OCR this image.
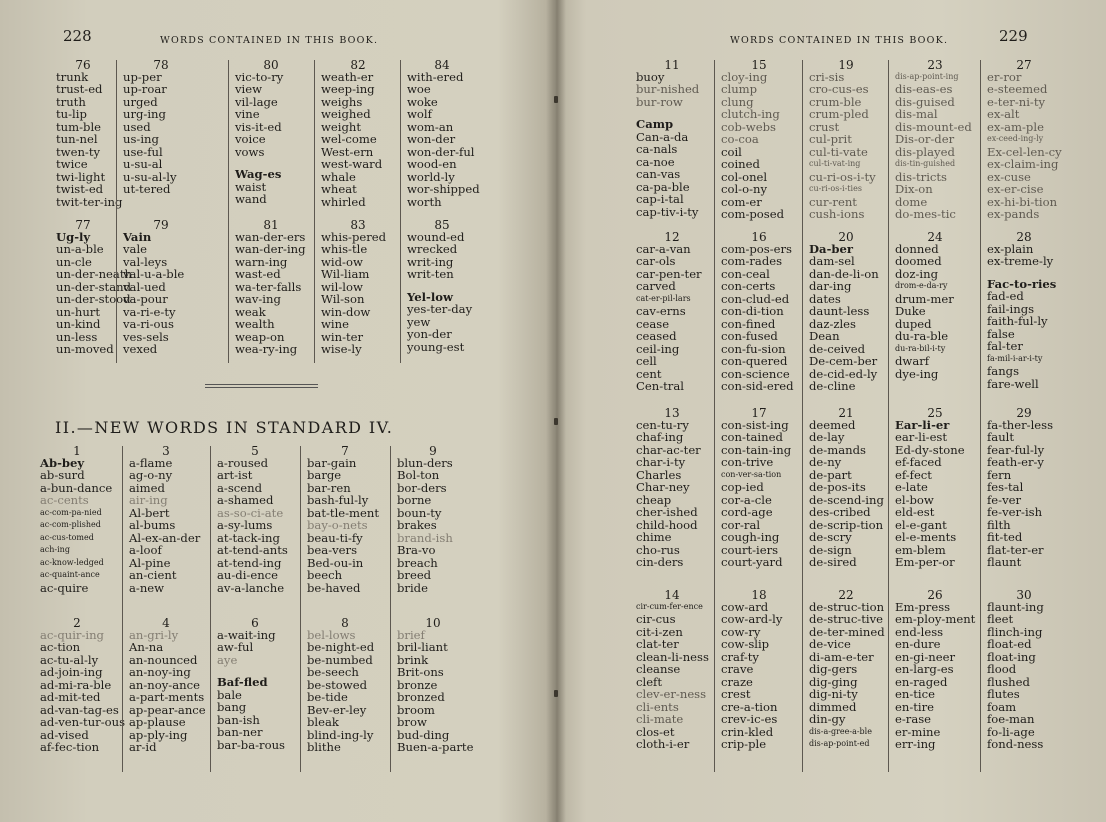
228	WORDS CONTAINED IN THIS BOOK.
76
trunk
trust-ed
truth
tu-lip
tum-ble
tun-nel
twen-ty
twice
twi-light
twist-ed
twit-ter-ing
77
Ug-ly
un-a-ble
un-cle
un-der-neath
un-der-stand
un-der-stood
un-hurt
un-kind
un-less
un-moved
78
up-per
up-roar
urged
urg-ing
used
us-ing
use-ful
u-su-al
u-su-al-ly
ut-tered
79
Vain
vale
val-leys
val-u-a-ble
val-ued
va-pour
va-ri-e-ty
va-ri-ous
ves-sels
vexed
80
vic-to-ry
view
vil-lage
vine
vis-it-ed
voice
vows
Wag-es
waist
wand
81
wan-der-ers
wan-der-ing
warn-ing
wast-ed
wa-ter-falls
wav-ing
weak
wealth
weap-on
wea-ry-ing
82
weath-er
weep-ing
weighs
weighed
weight
wel-come
West-ern
west-ward
whale
wheat
whirled
83
whis-pered
whis-tle
wid-ow
Wil-liam
wil-low
Wil-son
win-dow
wine
win-ter
wise-ly
84
with-ered
woe
woke
wolf
wom-an
won-der
won-der-ful
wood-en
world-ly
wor-shipped
worth
85
wound-ed
wrecked
writ-ing
writ-ten
Yel-low
yes-ter-day
yew
yon-der
young-est
II.—NEW WORDS IN STANDARD IV.
1
Ab-bey
ab-surd
a-bun-dance
ac-cents
ac-com-pa-nied
ac-com-plished
ac-cus-tomed
ach-ing
ac-know-ledged
ac-quaint-ance
ac-quire
2
ac-quir-ing
ac-tion
ac-tu-al-ly
ad-join-ing
ad-mi-ra-ble
ad-mit-ted
ad-van-tag-es
ad-ven-tur-ous
ad-vised
af-fec-tion
3
a-flame
ag-o-ny
aimed
air-ing
Al-bert
al-bums
Al-ex-an-der
a-loof
Al-pine
an-cient
a-new
4
an-gri-ly
An-na
an-nounced
an-noy-ing
an-noy-ance
a-part-ments
ap-pear-ance
ap-plause
ap-ply-ing
ar-id
5
a-roused
art-ist
a-scend
a-shamed
as-so-ci-ate
a-sy-lums
at-tack-ing
at-tend-ants
at-tend-ing
au-di-ence
av-a-lanche
6
a-wait-ing
aw-ful
aye
Baf-fled
bale
bang
ban-ish
ban-ner
bar-ba-rous
7
bar-gain
barge
bar-ren
bash-ful-ly
bat-tle-ment
bay-o-nets
beau-ti-fy
bea-vers
Bed-ou-in
beech
be-haved
8
bel-lows
be-night-ed
be-numbed
be-seech
be-stowed
be-tide
Bev-er-ley
bleak
blind-ing-ly
blithe
9
blun-ders
Bol-ton
bor-ders
borne
boun-ty
brakes
brand-ish
Bra-vo
breach
breed
bride
10
brief
bril-liant
brink
Brit-ons
bronze
bronzed
broom
brow
bud-ding
Buen-a-parte
WORDS CONTAINED IN THIS BOOK.	229
11
buoy
bur-nished
bur-row
Camp
Can-a-da
ca-nals
ca-noe
can-vas
ca-pa-ble
cap-i-tal
cap-tiv-i-ty
12
car-a-van
car-ols
car-pen-ter
carved
cat-er-pil-lars
cav-erns
cease
ceased
ceil-ing
cell
cent
Cen-tral
13
cen-tu-ry
chaf-ing
char-ac-ter
char-i-ty
Charles
Char-ney
cheap
cher-ished
child-hood
chime
cho-rus
cin-ders
14
cir-cum-fer-ence
cir-cus
cit-i-zen
clat-ter
clean-li-ness
cleanse
cleft
clev-er-ness
cli-ents
cli-mate
clos-et
cloth-i-er
15
cloy-ing
clump
clung
clutch-ing
cob-webs
co-coa
coil
coined
col-onel
col-o-ny
com-er
com-posed
16
com-pos-ers
com-rades
con-ceal
con-certs
con-clud-ed
con-di-tion
con-fined
con-fused
con-fu-sion
con-quered
con-science
con-sid-ered
17
con-sist-ing
con-tained
con-tain-ing
con-trive
con-ver-sa-tion
cop-ied
cor-a-cle
cord-age
cor-ral
cough-ing
court-iers
court-yard
18
cow-ard
cow-ard-ly
cow-ry
cow-slip
craf-ty
crave
craze
crest
cre-a-tion
crev-ic-es
crin-kled
crip-ple
19
cri-sis
cro-cus-es
crum-ble
crum-pled
crust
cul-prit
cul-ti-vate
cul-ti-vat-ing
cu-ri-os-i-ty
cu-ri-os-i-ties
cur-rent
cush-ions
20
Da-ber
dam-sel
dan-de-li-on
dar-ing
dates
daunt-less
daz-zles
Dean
de-ceived
De-cem-ber
de-cid-ed-ly
de-cline
21
deemed
de-lay
de-mands
de-ny
de-part
de-pos-its
de-scend-ing
des-cribed
de-scrip-tion
de-scry
de-sign
de-sired
22
de-struc-tion
de-struc-tive
de-ter-mined
de-vice
di-am-e-ter
dig-gers
dig-ging
dig-ni-ty
dimmed
din-gy
dis-a-gree-a-ble
dis-ap-point-ed
23
dis-ap-point-ing
dis-eas-es
dis-guised
dis-mal
dis-mount-ed
Dis-or-der
dis-played
dis-tin-guished
dis-tricts
Dix-on
dome
do-mes-tic
24
donned
doomed
doz-ing
drom-e-da-ry
drum-mer
Duke
duped
du-ra-ble
du-ra-bil-i-ty
dwarf
dye-ing
25
Ear-li-er
ear-li-est
Ed-dy-stone
ef-faced
ef-fect
e-late
el-bow
eld-est
el-e-gant
el-e-ments
em-blem
Em-per-or
26
Em-press
em-ploy-ment
end-less
en-dure
en-gi-neer
en-larg-es
en-raged
en-tice
en-tire
e-rase
er-mine
err-ing
27
er-ror
e-steemed
e-ter-ni-ty
ex-alt
ex-am-ple
ex-ceed-ing-ly
Ex-cel-len-cy
ex-claim-ing
ex-cuse
ex-er-cise
ex-hi-bi-tion
ex-pands
28
ex-plain
ex-treme-ly
Fac-to-ries
fad-ed
fail-ings
faith-ful-ly
false
fal-ter
fa-mil-i-ar-i-ty
fangs
fare-well
29
fa-ther-less
fault
fear-ful-ly
feath-er-y
fern
fes-tal
fe-ver
fe-ver-ish
filth
fit-ted
flat-ter-er
flaunt
30
flaunt-ing
fleet
flinch-ing
float-ed
float-ing
flood
flushed
flutes
foam
foe-man
fo-li-age
fond-ness
